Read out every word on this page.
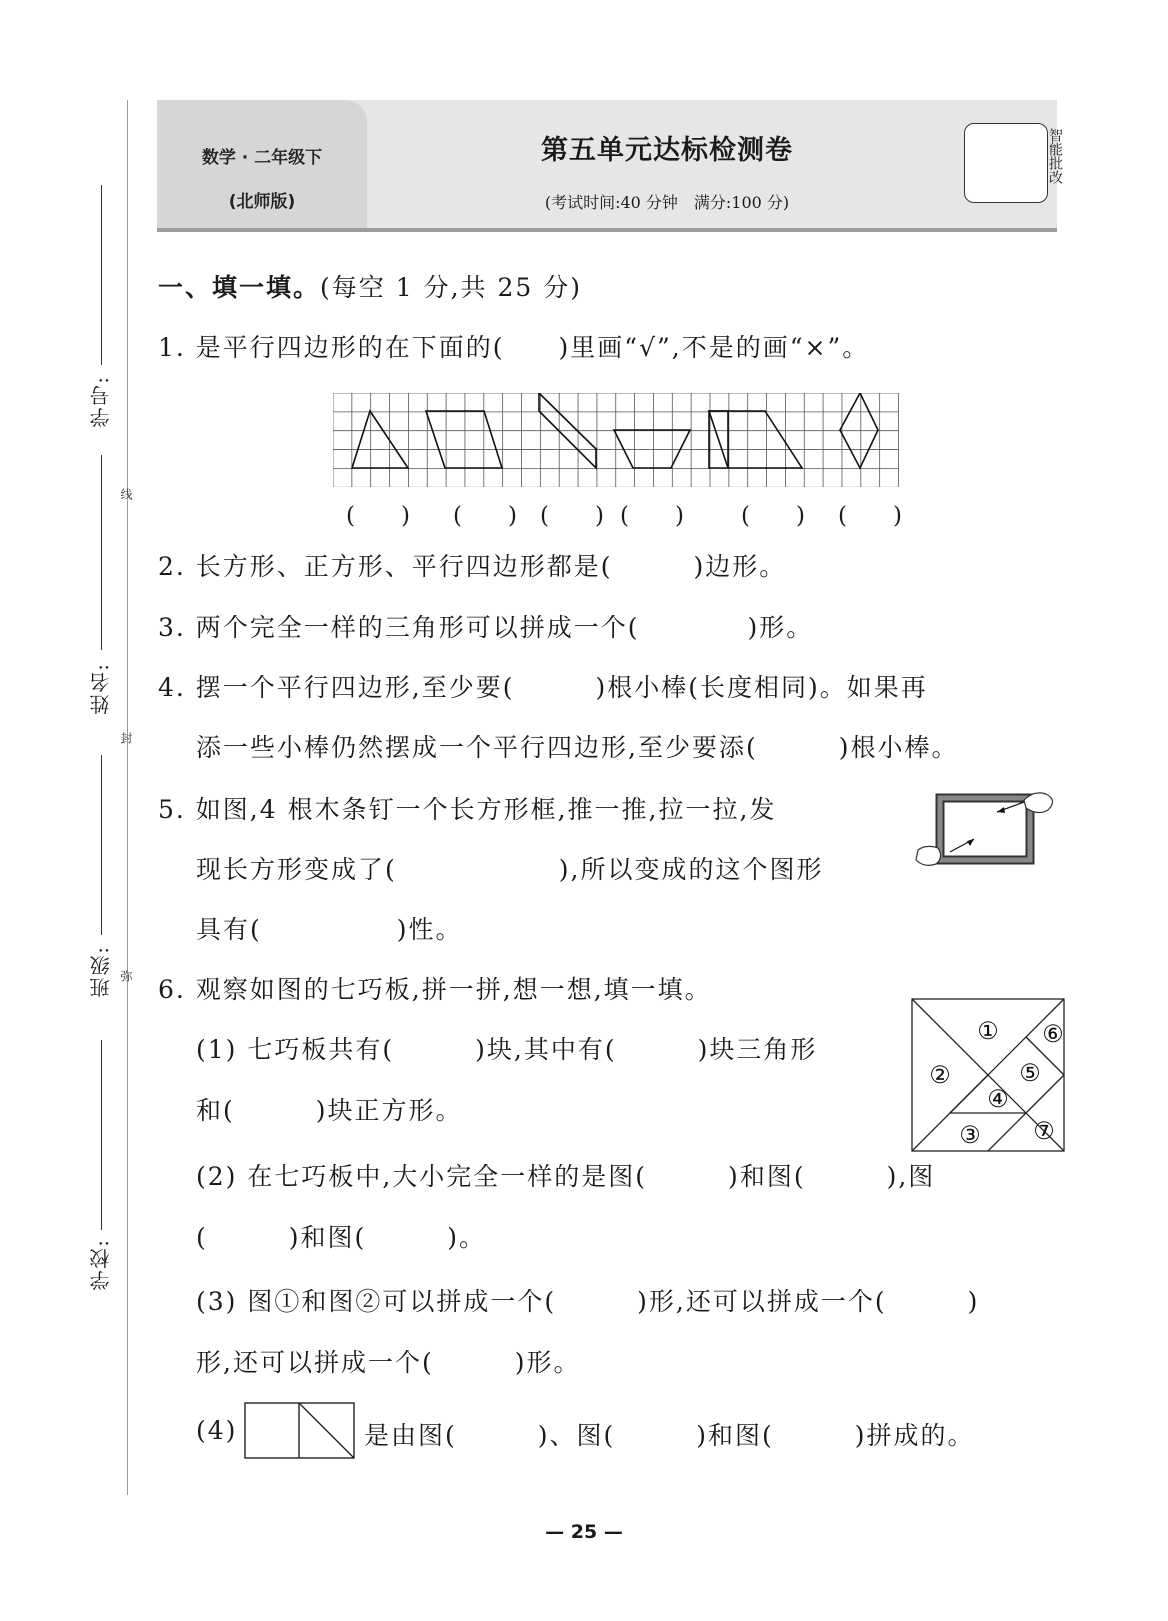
学号:
线
姓名:
封
班级: 弥
学校:
数学 · 二年级下
(北师版)
第五单元达标检测卷
(考试时间:40 分钟　满分:100 分)
智能批改
一、填一填。(每空 1 分,共 25 分)
1. 是平行四边形的在下面的(　　)里画“√”,不是的画“×”。
(　　) (　　) (　　) (　　) (　　) (　　)
2. 长方形、正方形、平行四边形都是(　　　)边形。
3. 两个完全一样的三角形可以拼成一个(　　　　)形。
4. 摆一个平行四边形,至少要(　　　)根小棒(长度相同)。如果再
添一些小棒仍然摆成一个平行四边形,至少要添(　　　)根小棒。
5. 如图,4 根木条钉一个长方形框,推一推,拉一拉,发
现长方形变成了(　　　　　　),所以变成的这个图形
具有(　　　　　)性。
6. 观察如图的七巧板,拼一拼,想一想,填一填。
(1) 七巧板共有(　　　)块,其中有(　　　)块三角形
和(　　　)块正方形。
①
②
③
④
⑤
⑥
⑦
(2) 在七巧板中,大小完全一样的是图(　　　)和图(　　　),图
(　　　)和图(　　　)。
(3) 图①和图②可以拼成一个(　　　)形,还可以拼成一个(　　　)
形,还可以拼成一个(　　　)形。
(4)	是由图(　　　)、图(　　　)和图(　　　)拼成的。
— 25 —
